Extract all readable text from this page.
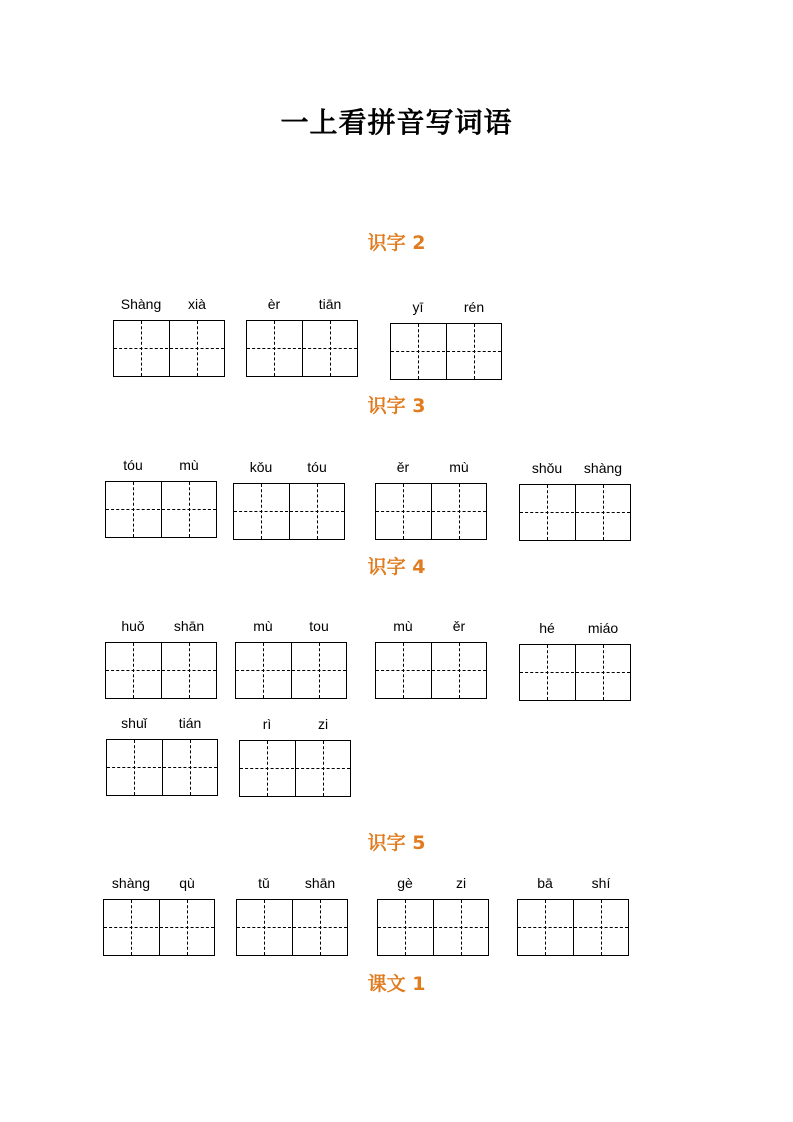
一上看拼音写词语
识字 2
Shàng	xià	èr	tiān	yī	rén
识字 3
tóu	mù	kǒu	tóu	ěr	mù	shǒu	shàng
识字 4
huǒ	shān	mù	tou	mù	ěr	hé	miáo
shuǐ	tián	rì	zi
识字 5
shàng	qù	tǔ	shān	gè	zi	bā	shí
课文 1
